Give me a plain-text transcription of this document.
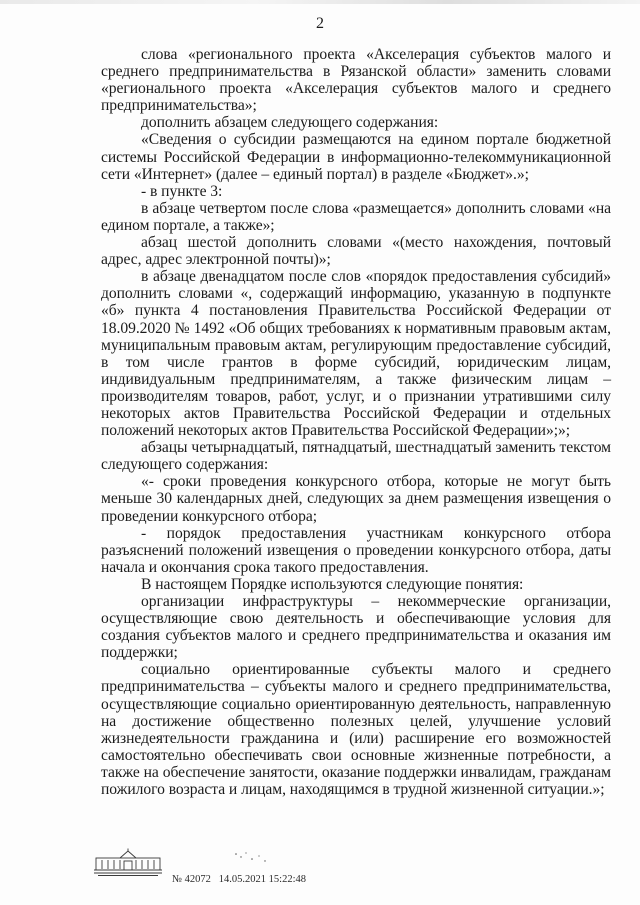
2

слова «регионального проекта «Акселерация субъектов малого и среднего предпринимательства в Рязанской области» заменить словами «регионального проекта «Акселерация субъектов малого и среднего предпринимательства»;

дополнить абзацем следующего содержания:

«Сведения о субсидии размещаются на едином портале бюджетной системы Российской Федерации в информационно-телекоммуникационной сети «Интернет» (далее – единый портал) в разделе «Бюджет».»;

- в пункте 3:

в абзаце четвертом после слова «размещается» дополнить словами «на едином портале, а также»;

абзац шестой дополнить словами «(место нахождения, почтовый адрес, адрес электронной почты)»;

в абзаце двенадцатом после слов «порядок предоставления субсидий» дополнить словами «, содержащий информацию, указанную в подпункте «б» пункта 4 постановления Правительства Российской Федерации от 18.09.2020 № 1492 «Об общих требованиях к нормативным правовым актам, муниципальным правовым актам, регулирующим предоставление субсидий, в том числе грантов в форме субсидий, юридическим лицам, индивидуальным предпринимателям, а также физическим лицам – производителям товаров, работ, услуг, и о признании утратившими силу некоторых актов Правительства Российской Федерации и отдельных положений некоторых актов Правительства Российской Федерации»;»;

абзацы четырнадцатый, пятнадцатый, шестнадцатый заменить текстом следующего содержания:

«- сроки проведения конкурсного отбора, которые не могут быть меньше 30 календарных дней, следующих за днем размещения извещения о проведении конкурсного отбора;

- порядок предоставления участникам конкурсного отбора разъяснений положений извещения о проведении конкурсного отбора, даты начала и окончания срока такого предоставления.

В настоящем Порядке используются следующие понятия:

организации инфраструктуры – некоммерческие организации, осуществляющие свою деятельность и обеспечивающие условия для создания субъектов малого и среднего предпринимательства и оказания им поддержки;

социально ориентированные субъекты малого и среднего предпринимательства – субъекты малого и среднего предпринимательства, осуществляющие социально ориентированную деятельность, направленную на достижение общественно полезных целей, улучшение условий жизнедеятельности гражданина и (или) расширение его возможностей самостоятельно обеспечивать свои основные жизненные потребности, а также на обеспечение занятости, оказание поддержки инвалидам, гражданам пожилого возраста и лицам, находящимся в трудной жизненной ситуации.»;

№ 42072 14.05.2021 15:22:48
